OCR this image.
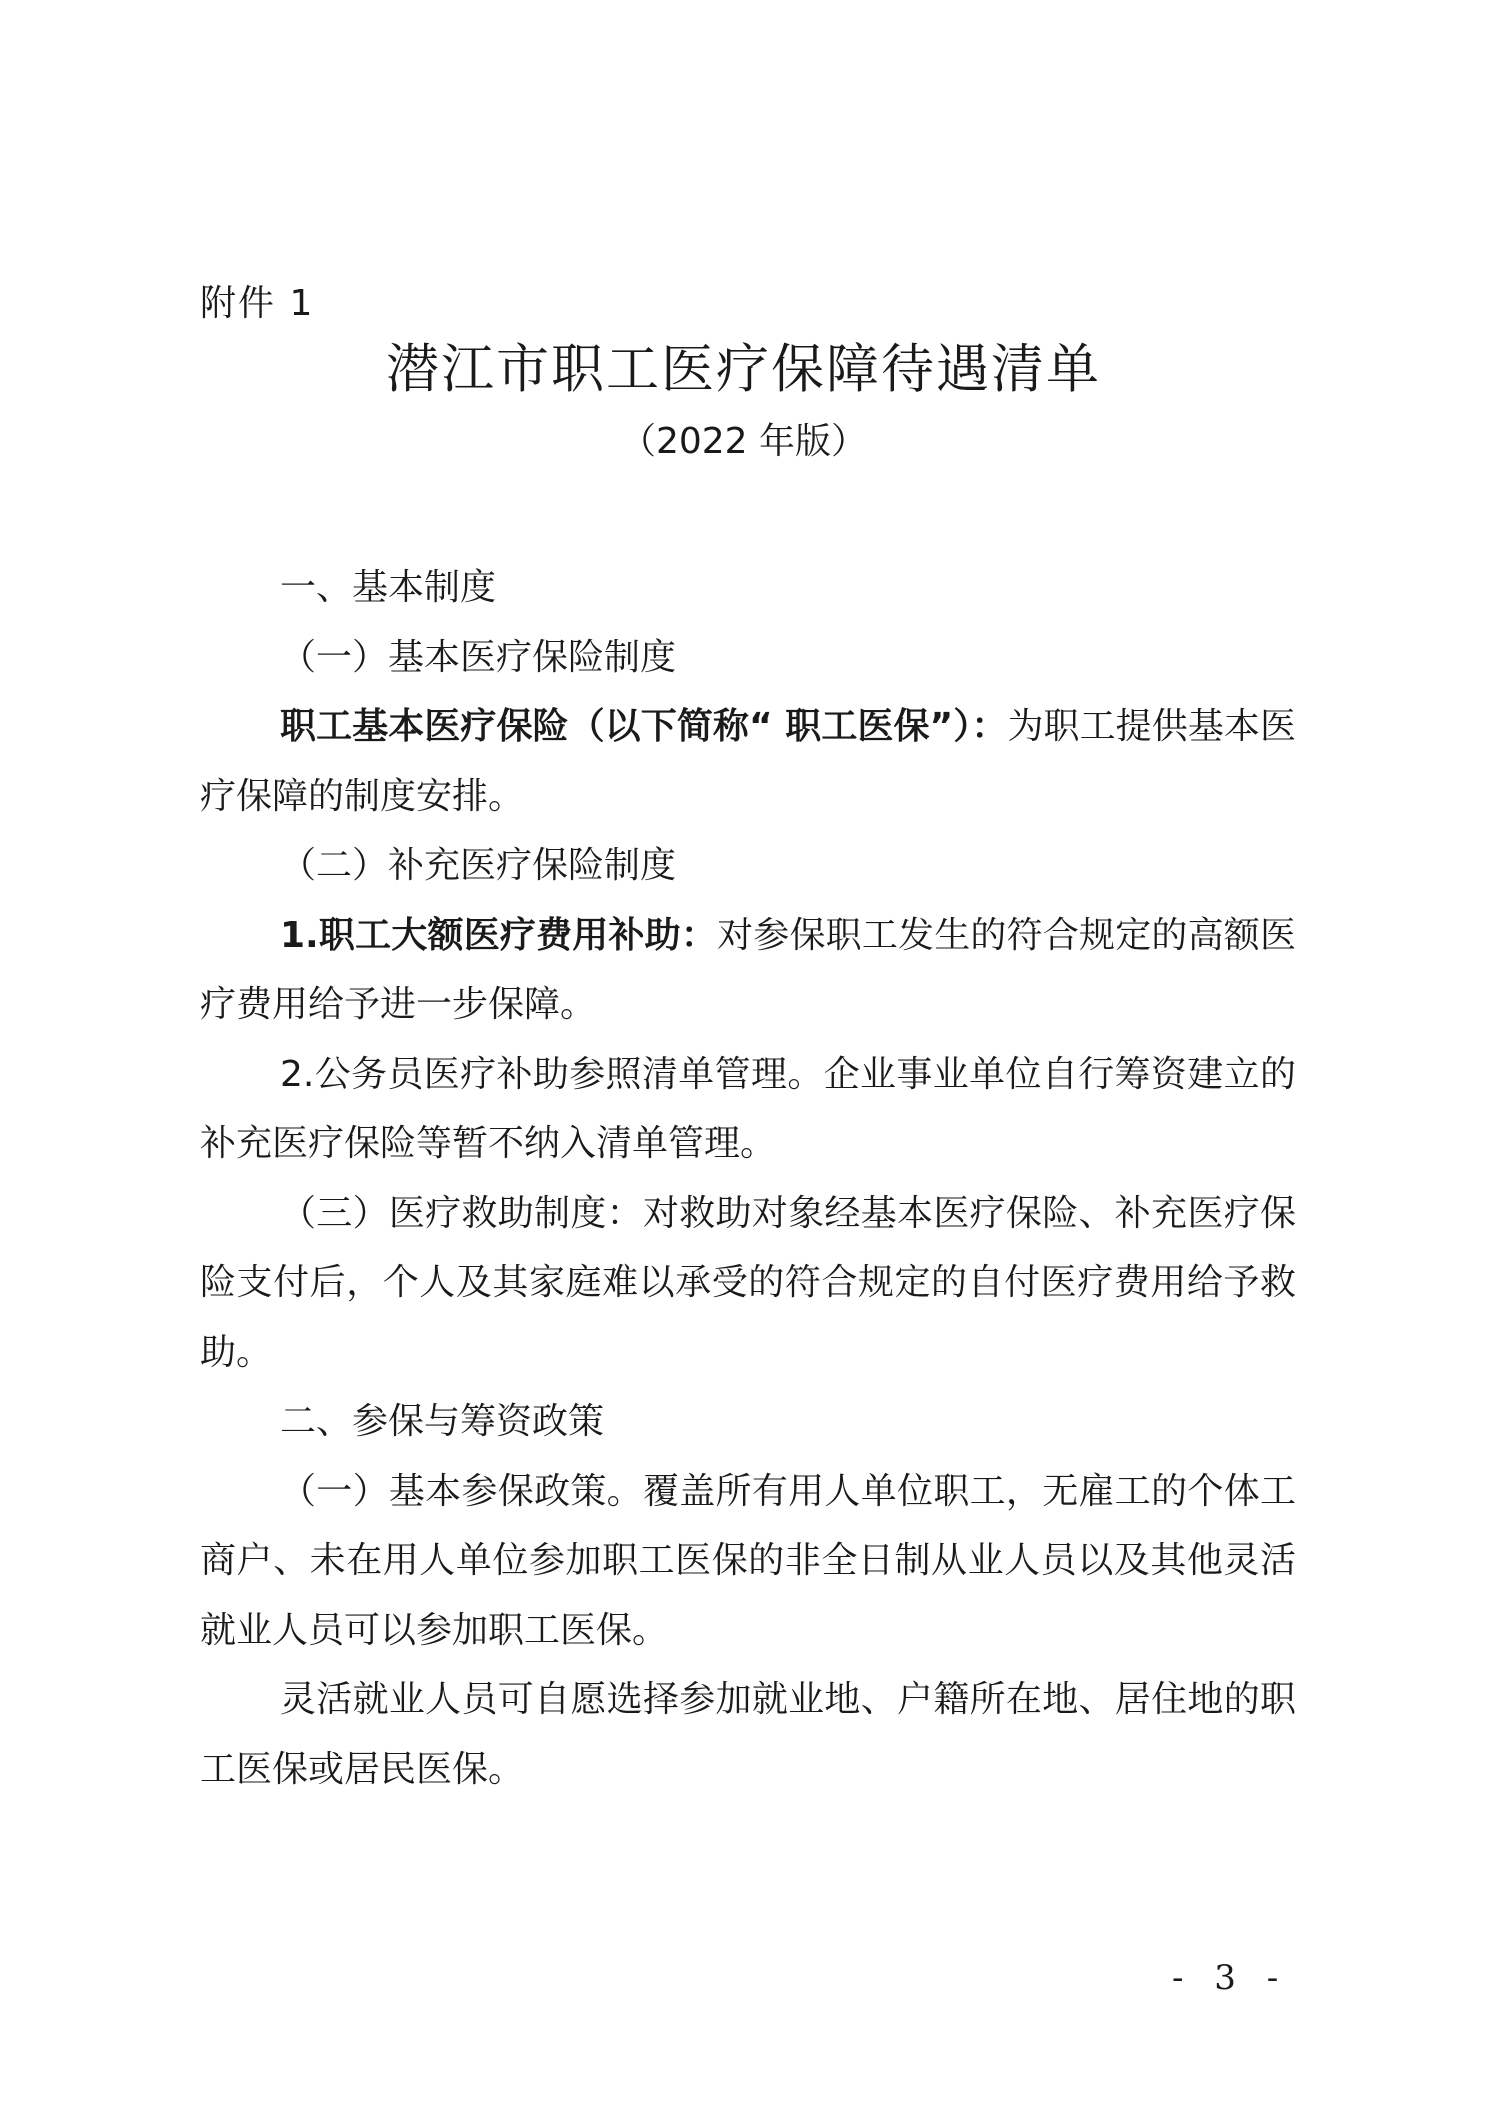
附件 1
潜江市职工医疗保障待遇清单
（2022 年版）

一、基本制度

（一）基本医疗保险制度

职工基本医疗保险（以下简称“ 职工医保”）：为职工提供基本医疗保障的制度安排。

（二）补充医疗保险制度

1.职工大额医疗费用补助：对参保职工发生的符合规定的高额医疗费用给予进一步保障。

2.公务员医疗补助参照清单管理。企业事业单位自行筹资建立的补充医疗保险等暂不纳入清单管理。

（三）医疗救助制度：对救助对象经基本医疗保险、补充医疗保险支付后，个人及其家庭难以承受的符合规定的自付医疗费用给予救助。

二、参保与筹资政策

（一）基本参保政策。覆盖所有用人单位职工，无雇工的个体工商户、未在用人单位参加职工医保的非全日制从业人员以及其他灵活就业人员可以参加职工医保。

灵活就业人员可自愿选择参加就业地、户籍所在地、居住地的职工医保或居民医保。

- 3 -
